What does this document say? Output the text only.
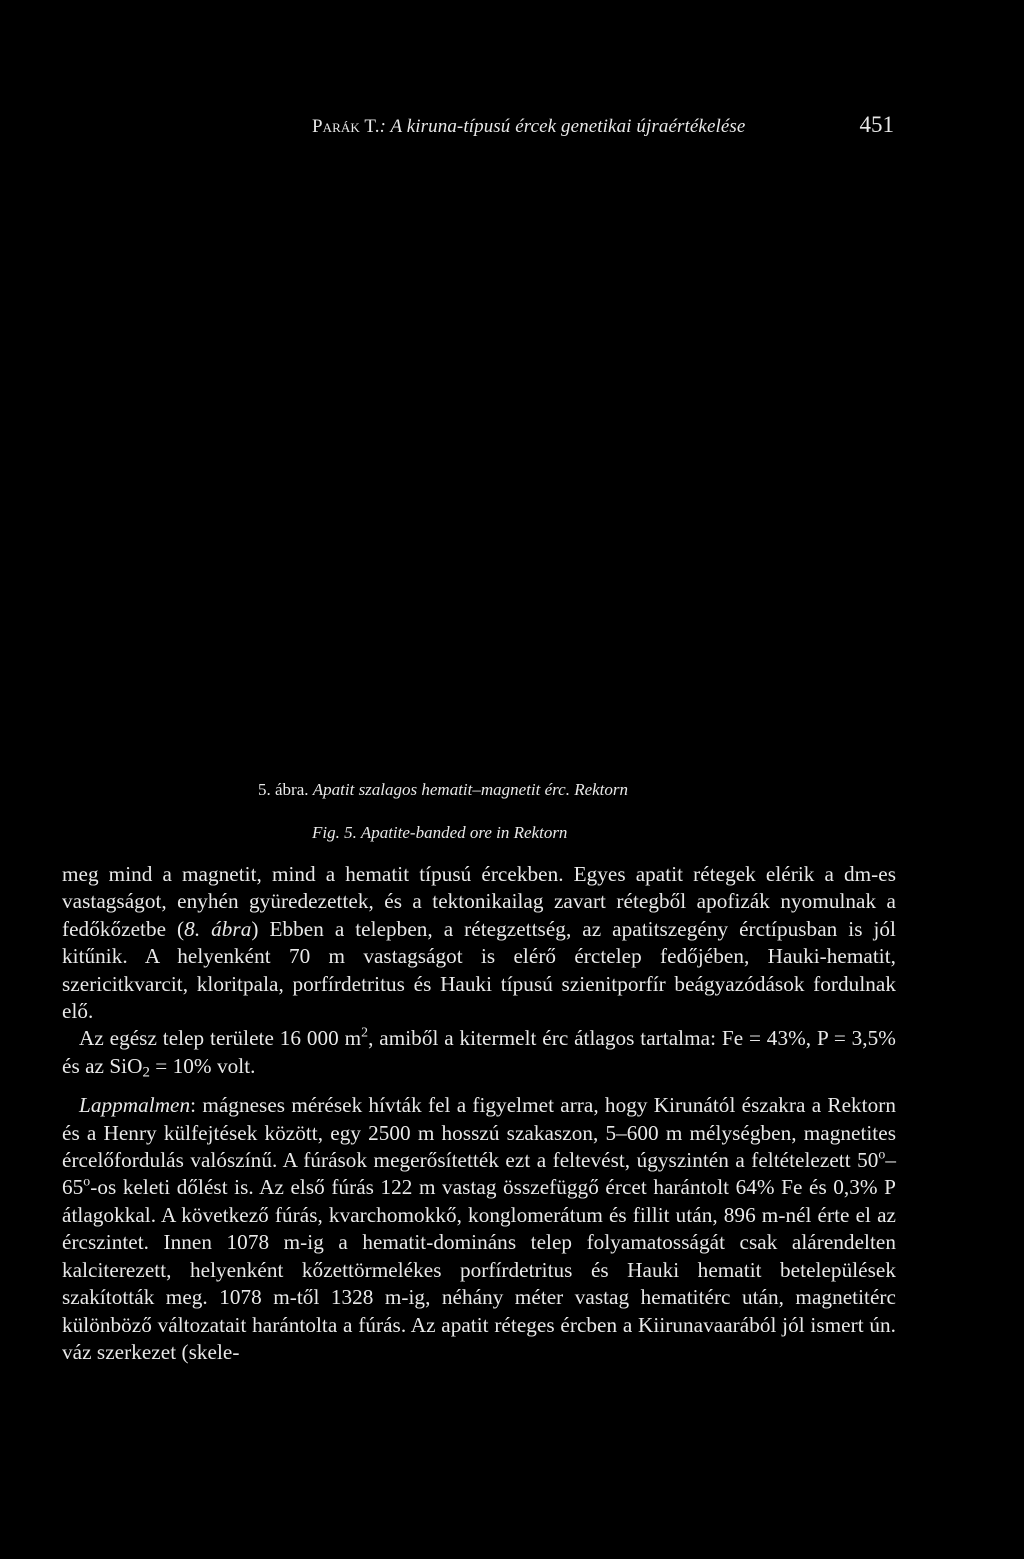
Parák T.: A kiruna-típusú ércek genetikai újraértékelése	451
5. ábra. Apatit szalagos hematit–magnetit érc. Rektorn
Fig. 5. Apatite-banded ore in Rektorn

meg mind a magnetit, mind a hematit típusú ércekben. Egyes apatit rétegek elérik a dm-es vastagságot, enyhén gyüredezettek, és a tektonikailag zavart rétegből apofizák nyomulnak a fedőkőzetbe (8. ábra) Ebben a telepben, a rétegzettség, az apatitszegény érctípusban is jól kitűnik. A helyenként 70 m vastagságot is elérő érctelep fedőjében, Hauki-hematit, szericitkvarcit, kloritpala, porfírdetritus és Hauki típusú szienitporfír beágyazódások fordulnak elő.

Az egész telep területe 16 000 $m^2$, amiből a kitermelt érc átlagos tartalma: Fe = 43%, P = 3,5% és az SiO$_2$ = 10% volt.

Lappmalmen: mágneses mérések hívták fel a figyelmet arra, hogy Kirunától északra a Rektorn és a Henry külfejtések között, egy 2500 m hosszú szakaszon, 5–600 m mélységben, magnetites ércelőfordulás valószínű. A fúrások megerősítették ezt a feltevést, úgyszintén a feltételezett 50$^o$–65$^o$-os keleti dőlést is. Az első fúrás 122 m vastag összefüggő ércet harántolt 64% Fe és 0,3% P átlagokkal. A következő fúrás, kvarchomokkő, konglomerátum és fillit után, 896 m-nél érte el az ércszintet. Innen 1078 m-ig a hematit-domináns telep folyamatosságát csak alárendelten kalciterezett, helyenként kőzettörmelékes porfírdetritus és Hauki hematit betelepülések szakították meg. 1078 m-től 1328 m-ig, néhány méter vastag hematitérc után, magnetitérc különböző változatait harántolta a fúrás. Az apatit réteges ércben a Kiirunavaarából jól ismert ún. váz szerkezet (skele-
